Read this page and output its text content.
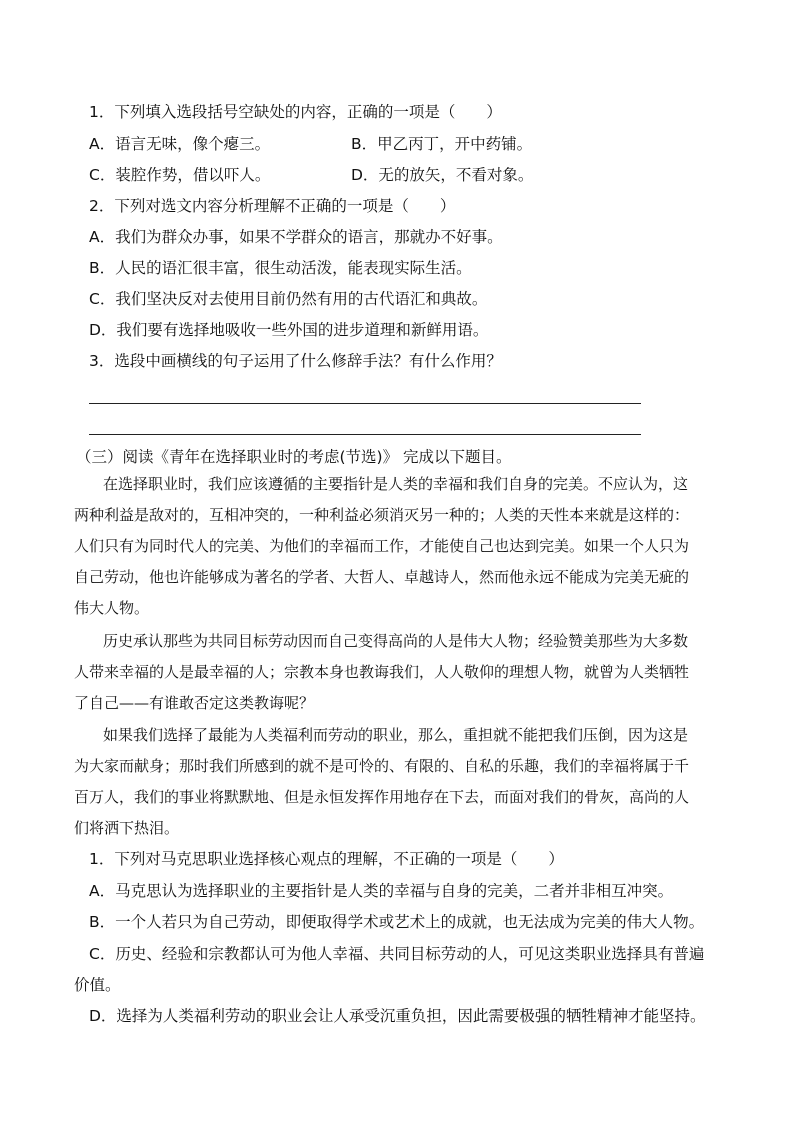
1．下列填入选段括号空缺处的内容，正确的一项是（　　）
A．语言无味，像个瘪三。	B．甲乙丙丁，开中药铺。
C．装腔作势，借以吓人。	D．无的放矢，不看对象。
2．下列对选文内容分析理解不正确的一项是（　　）
A．我们为群众办事，如果不学群众的语言，那就办不好事。
B．人民的语汇很丰富，很生动活泼，能表现实际生活。
C．我们坚决反对去使用目前仍然有用的古代语汇和典故。
D．我们要有选择地吸收一些外国的进步道理和新鲜用语。
3．选段中画横线的句子运用了什么修辞手法？有什么作用？
（三）阅读《青年在选择职业时的考虑(节选)》 完成以下题目。
在选择职业时，我们应该遵循的主要指针是人类的幸福和我们自身的完美。不应认为，这
两种利益是敌对的，互相冲突的，一种利益必须消灭另一种的；人类的天性本来就是这样的：
人们只有为同时代人的完美、为他们的幸福而工作，才能使自己也达到完美。如果一个人只为
自己劳动，他也许能够成为著名的学者、大哲人、卓越诗人，然而他永远不能成为完美无疵的
伟大人物。
历史承认那些为共同目标劳动因而自己变得高尚的人是伟大人物；经验赞美那些为大多数
人带来幸福的人是最幸福的人；宗教本身也教诲我们，人人敬仰的理想人物，就曾为人类牺牲
了自己——有谁敢否定这类教诲呢？
如果我们选择了最能为人类福利而劳动的职业，那么，重担就不能把我们压倒，因为这是
为大家而献身；那时我们所感到的就不是可怜的、有限的、自私的乐趣，我们的幸福将属于千
百万人，我们的事业将默默地、但是永恒发挥作用地存在下去，而面对我们的骨灰，高尚的人
们将洒下热泪。
1．下列对马克思职业选择核心观点的理解，不正确的一项是（　　）
A．马克思认为选择职业的主要指针是人类的幸福与自身的完美，二者并非相互冲突。
B．一个人若只为自己劳动，即便取得学术或艺术上的成就，也无法成为完美的伟大人物。
C．历史、经验和宗教都认可为他人幸福、共同目标劳动的人，可见这类职业选择具有普遍
价值。
D．选择为人类福利劳动的职业会让人承受沉重负担，因此需要极强的牺牲精神才能坚持。
